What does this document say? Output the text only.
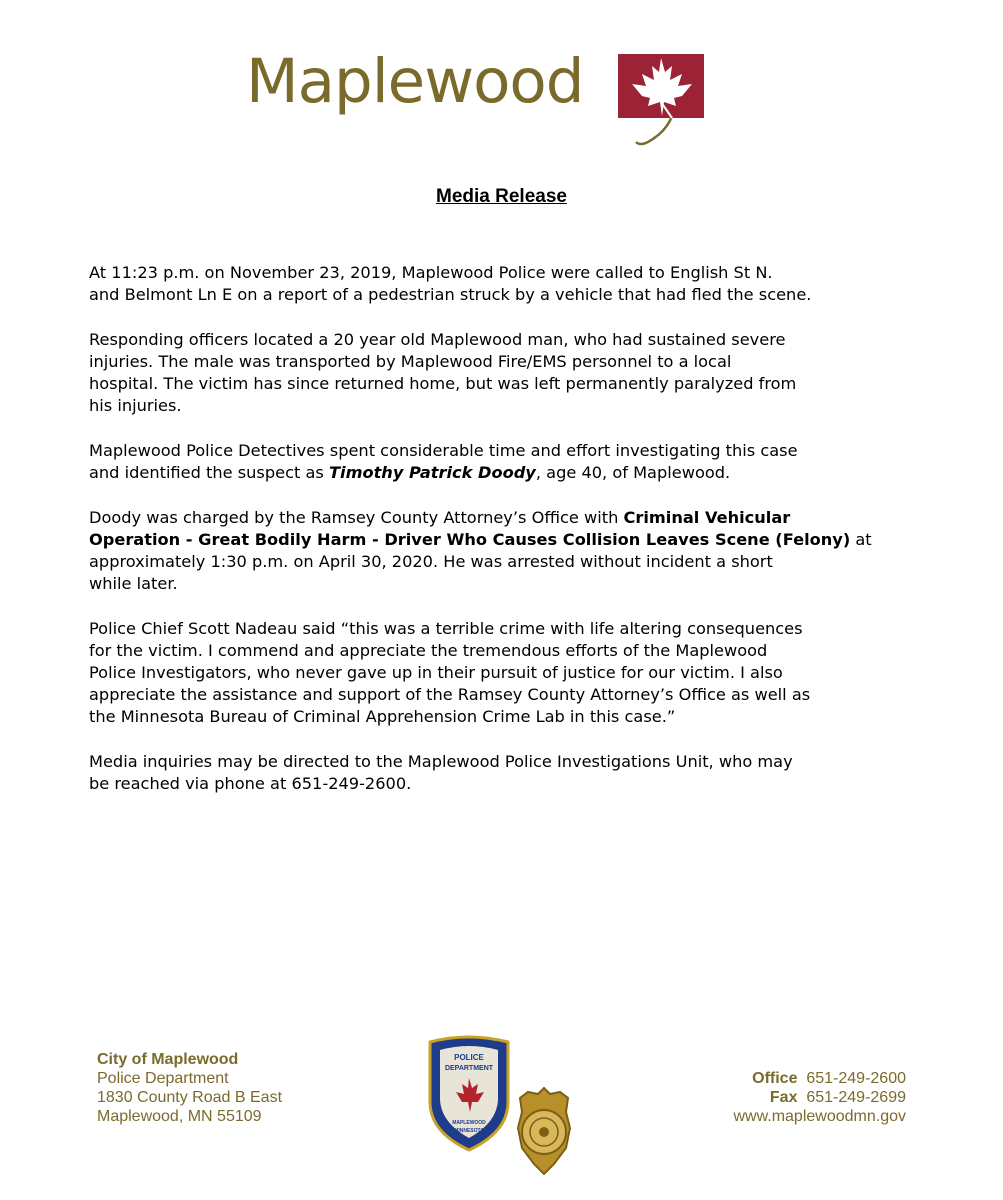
Maplewood
Media Release

At 11:23 p.m. on November 23, 2019, Maplewood Police were called to English St N.
and Belmont Ln E on a report of a pedestrian struck by a vehicle that had fled the scene.

Responding officers located a 20 year old Maplewood man, who had sustained severe
injuries. The male was transported by Maplewood Fire/EMS personnel to a local
hospital. The victim has since returned home, but was left permanently paralyzed from
his injuries.

Maplewood Police Detectives spent considerable time and effort investigating this case
and identified the suspect as Timothy Patrick Doody, age 40, of Maplewood.

Doody was charged by the Ramsey County Attorney’s Office with Criminal Vehicular
Operation - Great Bodily Harm - Driver Who Causes Collision Leaves Scene (Felony) at
approximately 1:30 p.m. on April 30, 2020. He was arrested without incident a short
while later.

Police Chief Scott Nadeau said “this was a terrible crime with life altering consequences
for the victim. I commend and appreciate the tremendous efforts of the Maplewood
Police Investigators, who never gave up in their pursuit of justice for our victim. I also
appreciate the assistance and support of the Ramsey County Attorney’s Office as well as
the Minnesota Bureau of Criminal Apprehension Crime Lab in this case.”

Media inquiries may be directed to the Maplewood Police Investigations Unit, who may
be reached via phone at 651-249-2600.

City of Maplewood
Police Department
1830 County Road B East
Maplewood, MN 55109
POLICE
DEPARTMENT
MAPLEWOOD
MINNESOTA
Office 651-249-2600
Fax 651-249-2699
www.maplewoodmn.gov
